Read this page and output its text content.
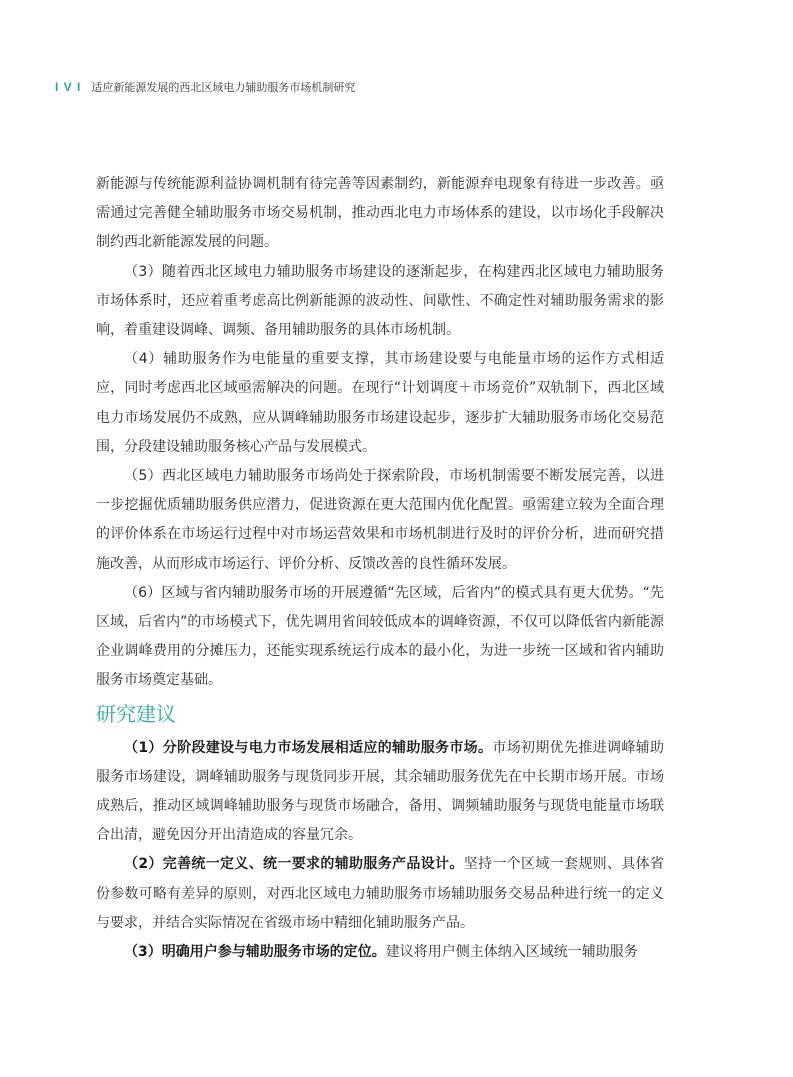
I V I 适应新能源发展的西北区域电力辅助服务市场机制研究

新能源与传统能源利益协调机制有待完善等因素制约，新能源弃电现象有待进一步改善。亟需通过完善健全辅助服务市场交易机制，推动西北电力市场体系的建设，以市场化手段解决制约西北新能源发展的问题。

（3）随着西北区域电力辅助服务市场建设的逐渐起步，在构建西北区域电力辅助服务市场体系时，还应着重考虑高比例新能源的波动性、间歇性、不确定性对辅助服务需求的影响，着重建设调峰、调频、备用辅助服务的具体市场机制。

（4）辅助服务作为电能量的重要支撑，其市场建设要与电能量市场的运作方式相适应，同时考虑西北区域亟需解决的问题。在现行“计划调度＋市场竞价”双轨制下，西北区域电力市场发展仍不成熟，应从调峰辅助服务市场建设起步，逐步扩大辅助服务市场化交易范围，分段建设辅助服务核心产品与发展模式。

（5）西北区域电力辅助服务市场尚处于探索阶段，市场机制需要不断发展完善，以进一步挖掘优质辅助服务供应潜力，促进资源在更大范围内优化配置。亟需建立较为全面合理的评价体系在市场运行过程中对市场运营效果和市场机制进行及时的评价分析，进而研究措施改善，从而形成市场运行、评价分析、反馈改善的良性循环发展。

（6）区域与省内辅助服务市场的开展遵循“先区域，后省内”的模式具有更大优势。“先区域，后省内”的市场模式下，优先调用省间较低成本的调峰资源，不仅可以降低省内新能源企业调峰费用的分摊压力，还能实现系统运行成本的最小化，为进一步统一区域和省内辅助服务市场奠定基础。

研究建议

（1）分阶段建设与电力市场发展相适应的辅助服务市场。市场初期优先推进调峰辅助服务市场建设，调峰辅助服务与现货同步开展，其余辅助服务优先在中长期市场开展。市场成熟后，推动区域调峰辅助服务与现货市场融合，备用、调频辅助服务与现货电能量市场联合出清，避免因分开出清造成的容量冗余。

（2）完善统一定义、统一要求的辅助服务产品设计。坚持一个区域一套规则、具体省份参数可略有差异的原则，对西北区域电力辅助服务市场辅助服务交易品种进行统一的定义与要求，并结合实际情况在省级市场中精细化辅助服务产品。

（3）明确用户参与辅助服务市场的定位。建议将用户侧主体纳入区域统一辅助服务
